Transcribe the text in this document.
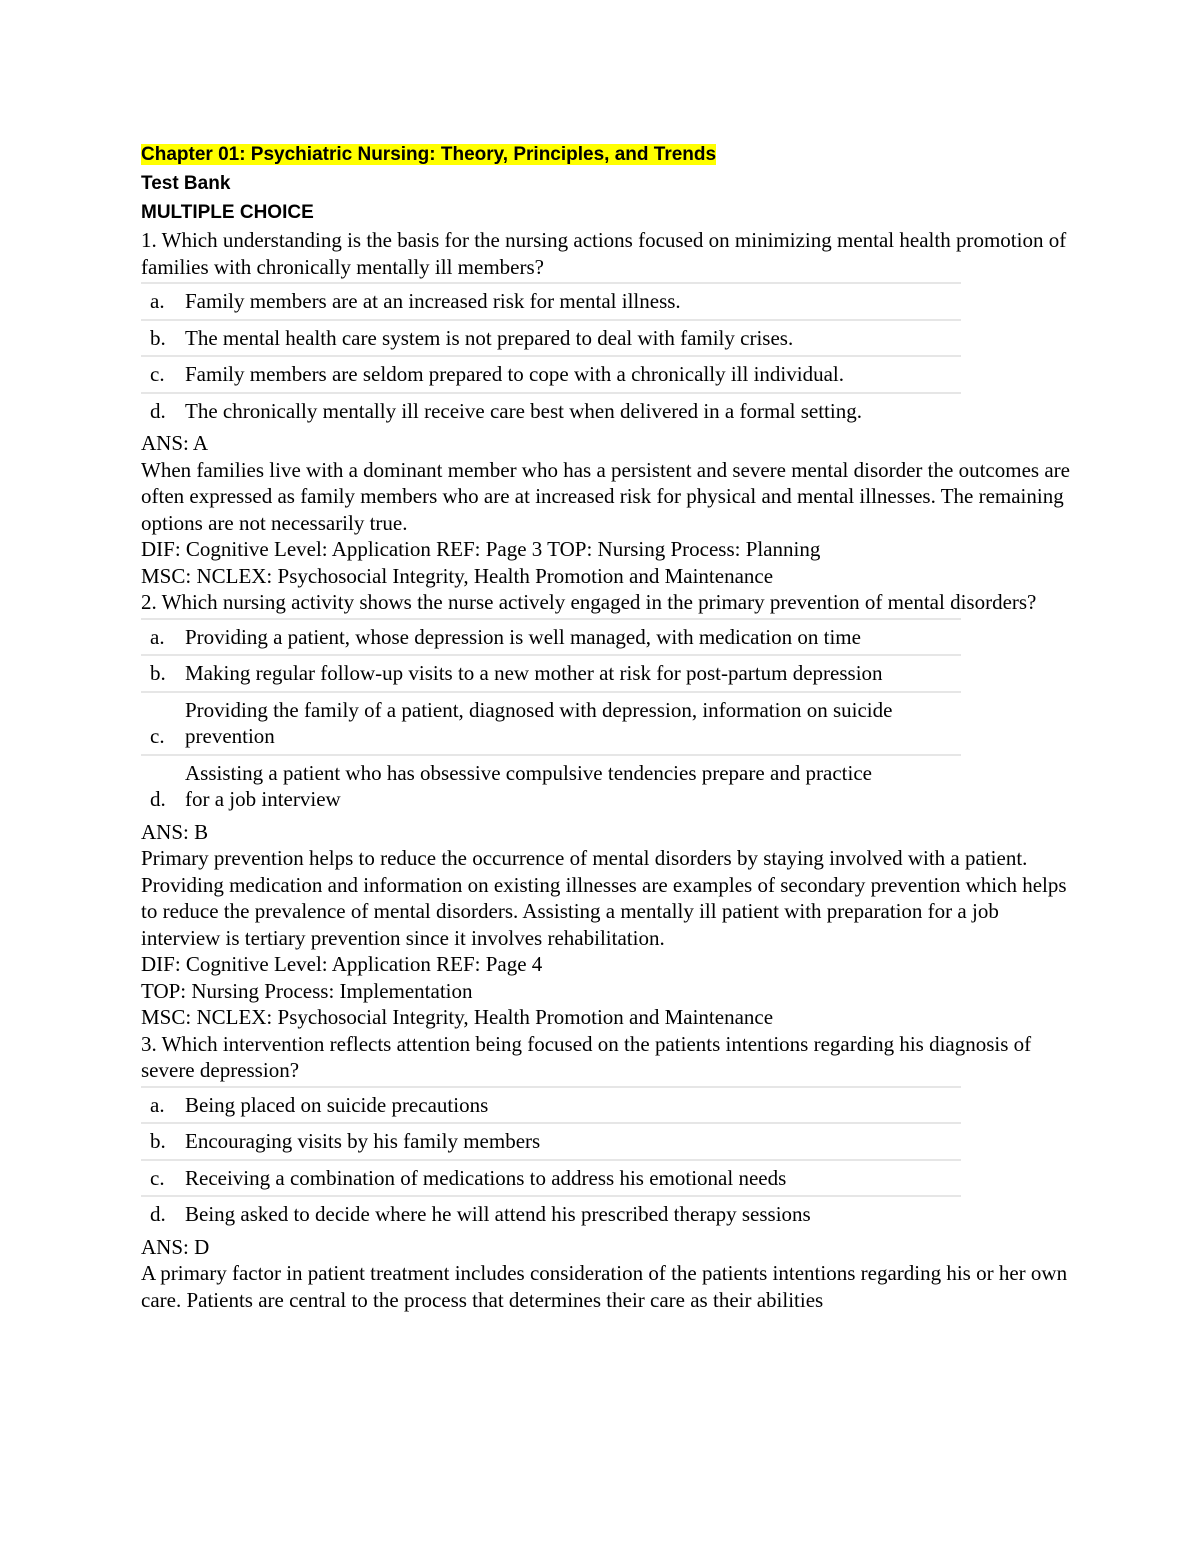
Chapter 01: Psychiatric Nursing: Theory, Principles, and Trends
Test Bank
MULTIPLE CHOICE

1. Which understanding is the basis for the nursing actions focused on minimizing mental health promotion of families with chronically mentally ill members?

a. Family members are at an increased risk for mental illness.
b. The mental health care system is not prepared to deal with family crises.
c. Family members are seldom prepared to cope with a chronically ill individual.
d. The chronically mentally ill receive care best when delivered in a formal setting.

ANS: A

When families live with a dominant member who has a persistent and severe mental disorder the outcomes are often expressed as family members who are at increased risk for physical and mental illnesses. The remaining options are not necessarily true.

DIF: Cognitive Level: Application REF: Page 3 TOP: Nursing Process: Planning

MSC: NCLEX: Psychosocial Integrity, Health Promotion and Maintenance

2. Which nursing activity shows the nurse actively engaged in the primary prevention of mental disorders?

a. Providing a patient, whose depression is well managed, with medication on time
b. Making regular follow-up visits to a new mother at risk for post-partum depression
c.
Providing the family of a patient, diagnosed with depression, information on suicide prevention
d.
Assisting a patient who has obsessive compulsive tendencies prepare and practice for a job interview

ANS: B

Primary prevention helps to reduce the occurrence of mental disorders by staying involved with a patient. Providing medication and information on existing illnesses are examples of secondary prevention which helps to reduce the prevalence of mental disorders. Assisting a mentally ill patient with preparation for a job interview is tertiary prevention since it involves rehabilitation.

DIF: Cognitive Level: Application REF: Page 4

TOP: Nursing Process: Implementation

MSC: NCLEX: Psychosocial Integrity, Health Promotion and Maintenance

3. Which intervention reflects attention being focused on the patients intentions regarding his diagnosis of severe depression?

a. Being placed on suicide precautions
b. Encouraging visits by his family members
c. Receiving a combination of medications to address his emotional needs
d. Being asked to decide where he will attend his prescribed therapy sessions

ANS: D

A primary factor in patient treatment includes consideration of the patients intentions regarding his or her own care. Patients are central to the process that determines their care as their abilities
